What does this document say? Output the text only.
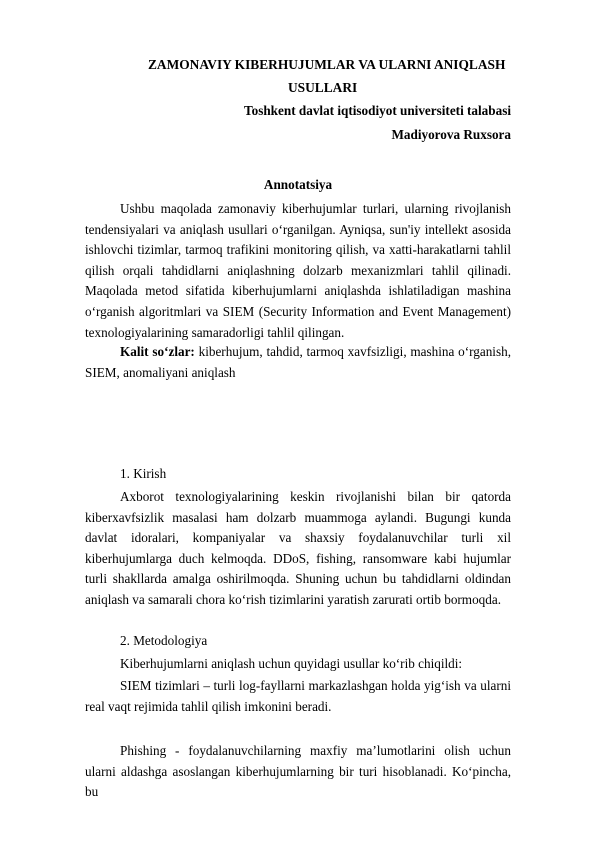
ZAMONAVIY KIBERHUJUMLAR VA ULARNI ANIQLASH
USULLARI
Toshkent davlat iqtisodiyot universiteti talabasi
Madiyorova Ruxsora
Annotatsiya
Ushbu maqolada zamonaviy kiberhujumlar turlari, ularning rivojlanish tendensiyalari va aniqlash usullari o‘rganilgan. Ayniqsa, sun'iy intellekt asosida ishlovchi tizimlar, tarmoq trafikini monitoring qilish, va xatti-harakatlarni tahlil qilish orqali tahdidlarni aniqlashning dolzarb mexanizmlari tahlil qilinadi. Maqolada metod sifatida kiberhujumlarni aniqlashda ishlatiladigan mashina o‘rganish algoritmlari va SIEM (Security Information and Event Management) texnologiyalarining samaradorligi tahlil qilingan.
Kalit so‘zlar: kiberhujum, tahdid, tarmoq xavfsizligi, mashina o‘rganish, SIEM, anomaliyani aniqlash
1. Kirish
Axborot texnologiyalarining keskin rivojlanishi bilan bir qatorda kiberxavfsizlik masalasi ham dolzarb muammoga aylandi. Bugungi kunda davlat idoralari, kompaniyalar va shaxsiy foydalanuvchilar turli xil kiberhujumlarga duch kelmoqda. DDoS, fishing, ransomware kabi hujumlar turli shakllarda amalga oshirilmoqda. Shuning uchun bu tahdidlarni oldindan aniqlash va samarali chora ko‘rish tizimlarini yaratish zarurati ortib bormoqda.
2. Metodologiya
Kiberhujumlarni aniqlash uchun quyidagi usullar ko‘rib chiqildi:
SIEM tizimlari – turli log-fayllarni markazlashgan holda yig‘ish va ularni real vaqt rejimida tahlil qilish imkonini beradi.
Phishing - foydalanuvchilarning maxfiy ma’lumotlarini olish uchun ularni aldashga asoslangan kiberhujumlarning bir turi hisoblanadi. Ko‘pincha, bu
